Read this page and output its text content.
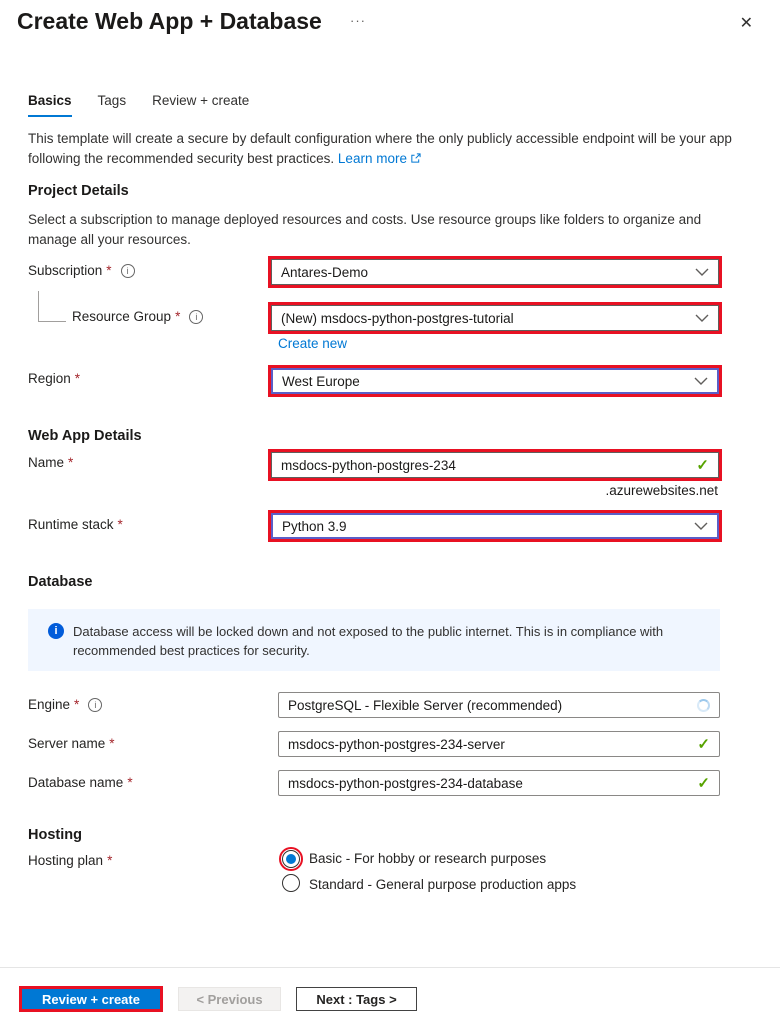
Create Web App + Database ···	✕
Basics Tags Review + create

This template will create a secure by default configuration where the only publicly accessible endpoint will be your app following the recommended security best practices. Learn more

Project Details

Select a subscription to manage deployed resources and costs. Use resource groups like folders to organize and manage all your resources.

Subscription *	i	Antares-Demo
Resource Group *	i	(New) msdocs-python-postgres-tutorial
Create new
Region *	West Europe
Web App Details
Name *	msdocs-python-postgres-234	✓
.azurewebsites.net
Runtime stack *	Python 3.9
Database
i	Database access will be locked down and not exposed to the public internet. This is in compliance with recommended best practices for security.
Engine *	i	PostgreSQL - Flexible Server (recommended)
Server name *	msdocs-python-postgres-234-server	✓
Database name *	msdocs-python-postgres-234-database	✓
Hosting
Hosting plan *	Basic - For hobby or research purposes
Standard - General purpose production apps
Review + create	< Previous	Next : Tags >
